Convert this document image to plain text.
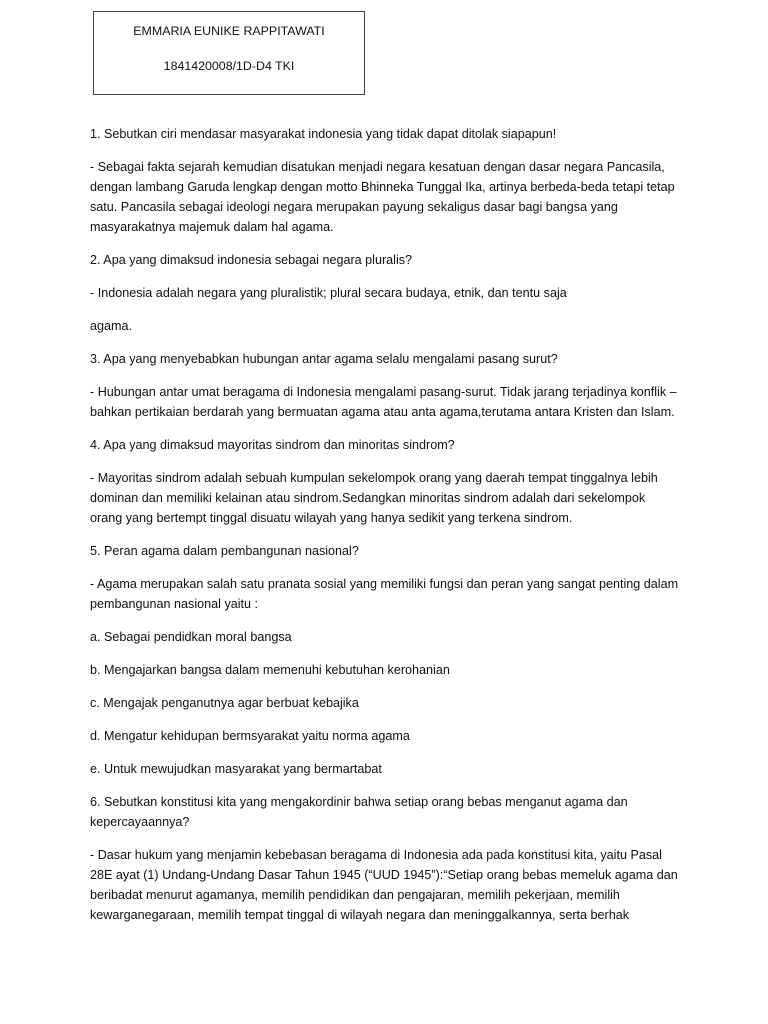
EMMARIA EUNIKE RAPPITAWATI
1841420008/1D-D4 TKI

1. Sebutkan ciri mendasar masyarakat indonesia yang tidak dapat ditolak siapapun!

- Sebagai fakta sejarah kemudian disatukan menjadi negara kesatuan dengan dasar negara Pancasila, dengan lambang Garuda lengkap dengan motto Bhinneka Tunggal Ika, artinya berbeda-beda tetapi tetap satu. Pancasila sebagai ideologi negara merupakan payung sekaligus dasar bagi bangsa yang masyarakatnya majemuk dalam hal agama.

2. Apa yang dimaksud indonesia sebagai negara pluralis?

- Indonesia adalah negara yang pluralistik; plural secara budaya, etnik, dan tentu saja

agama.

3. Apa yang menyebabkan hubungan antar agama selalu mengalami pasang surut?

- Hubungan antar umat beragama di Indonesia mengalami pasang-surut. Tidak jarang terjadinya konflik – bahkan pertikaian berdarah yang bermuatan agama atau anta agama,terutama antara Kristen dan Islam.

4. Apa yang dimaksud mayoritas sindrom dan minoritas sindrom?

- Mayoritas sindrom adalah sebuah kumpulan sekelompok orang yang daerah tempat tinggalnya lebih dominan dan memiliki kelainan atau sindrom.Sedangkan minoritas sindrom adalah dari sekelompok orang yang bertempt tinggal disuatu wilayah yang hanya sedikit yang terkena sindrom.

5. Peran agama dalam pembangunan nasional?

- Agama merupakan salah satu pranata sosial yang memiliki fungsi dan peran yang sangat penting dalam pembangunan nasional yaitu :

a. Sebagai pendidkan moral bangsa

b. Mengajarkan bangsa dalam memenuhi kebutuhan kerohanian

c. Mengajak penganutnya agar berbuat kebajika

d. Mengatur kehidupan bermsyarakat yaitu norma agama

e. Untuk mewujudkan masyarakat yang bermartabat

6. Sebutkan konstitusi kita yang mengakordinir bahwa setiap orang bebas menganut agama dan kepercayaannya?

- Dasar hukum yang menjamin kebebasan beragama di Indonesia ada pada konstitusi kita, yaitu Pasal 28E ayat (1) Undang-Undang Dasar Tahun 1945 (“UUD 1945”):“Setiap orang bebas memeluk agama dan beribadat menurut agamanya, memilih pendidikan dan pengajaran, memilih pekerjaan, memilih kewarganegaraan, memilih tempat tinggal di wilayah negara dan meninggalkannya, serta berhak
